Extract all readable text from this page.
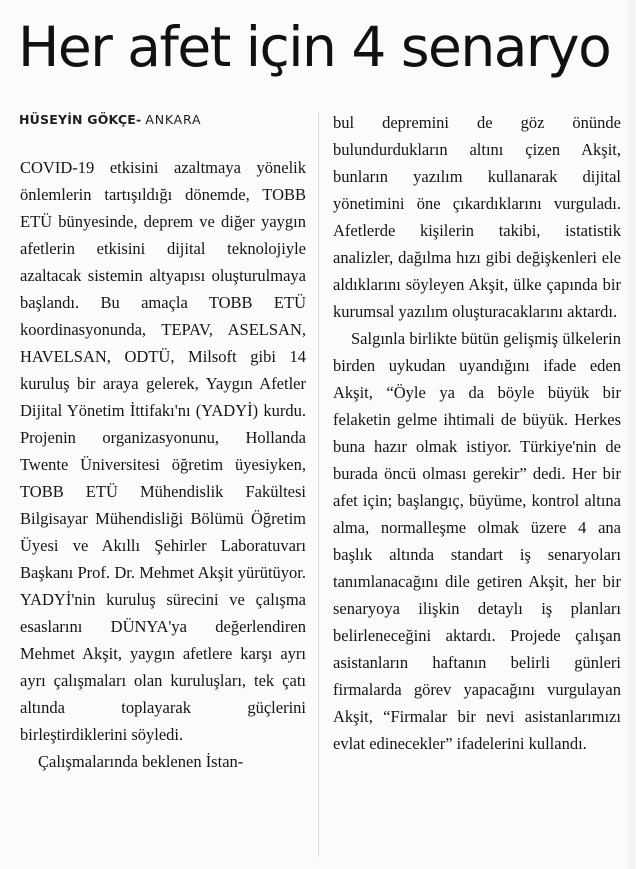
Her afet için 4 senaryo
HÜSEYİN GÖKÇE- ANKARA

COVID-19 etkisini azaltmaya yönelik önlemlerin tartışıldığı dönemde, TOBB ETÜ bünyesinde, deprem ve diğer yaygın afetlerin etkisini dijital teknolojiyle azaltacak sistemin altyapısı oluşturulmaya başlandı. Bu amaçla TOBB ETÜ koordinasyonunda, TEPAV, ASELSAN, HAVELSAN, ODTÜ, Milsoft gibi 14 kuruluş bir araya gelerek, Yaygın Afetler Dijital Yönetim İttifakı'nı (YADYİ) kurdu. Projenin organizasyonunu, Hollanda Twente Üniversitesi öğretim üyesiyken, TOBB ETÜ Mühendislik Fakültesi Bilgisayar Mühendisliği Bölümü Öğretim Üyesi ve Akıllı Şehirler Laboratuvarı Başkanı Prof. Dr. Mehmet Akşit yürütüyor. YADYİ'nin kuruluş sürecini ve çalışma esaslarını DÜNYA'ya değerlendiren Mehmet Akşit, yaygın afetlere karşı ayrı ayrı çalışmaları olan kuruluşları, tek çatı altında toplayarak güçlerini birleştirdiklerini söyledi.

Çalışmalarında beklenen İstan-

bul depremini de göz önünde bulundurdukların altını çizen Akşit, bunların yazılım kullanarak dijital yönetimini öne çıkardıklarını vurguladı. Afetlerde kişilerin takibi, istatistik analizler, dağılma hızı gibi değişkenleri ele aldıklarını söyleyen Akşit, ülke çapında bir kurumsal yazılım oluşturacaklarını aktardı.

Salgınla birlikte bütün gelişmiş ülkelerin birden uykudan uyandığını ifade eden Akşit, “Öyle ya da böyle büyük bir felaketin gelme ihtimali de büyük. Herkes buna hazır olmak istiyor. Türkiye'nin de burada öncü olması gerekir” dedi. Her bir afet için; başlangıç, büyüme, kontrol altına alma, normalleşme olmak üzere 4 ana başlık altında standart iş senaryoları tanımlanacağını dile getiren Akşit, her bir senaryoya ilişkin detaylı iş planları belirleneceğini aktardı. Projede çalışan asistanların haftanın belirli günleri firmalarda görev yapacağını vurgulayan Akşit, “Firmalar bir nevi asistanlarımızı evlat edinecekler” ifadelerini kullandı.
